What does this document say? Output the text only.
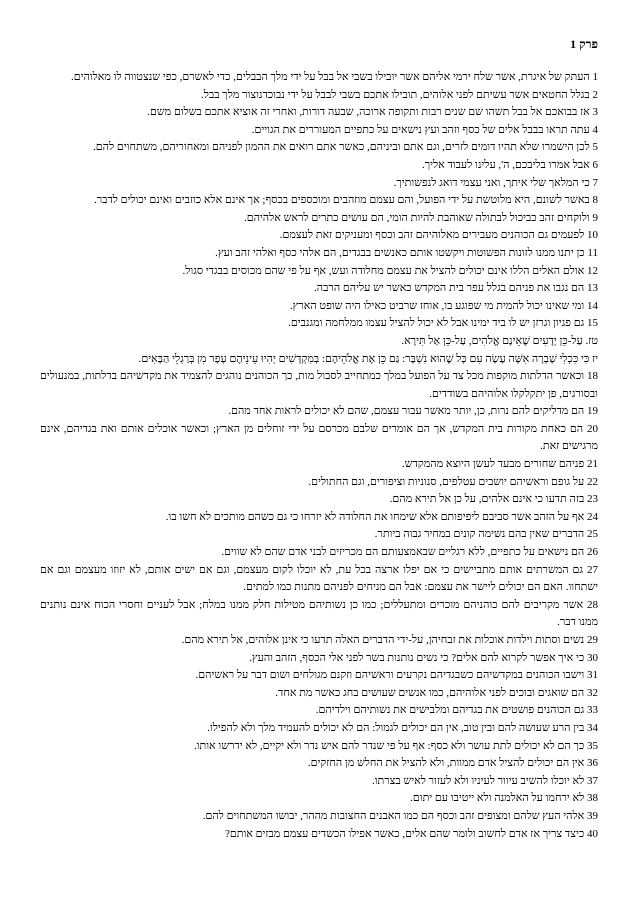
פרק 1

1 העתק של איגרת, אשר שלח ירמי אליהם אשר יובילו בשבי אל בבל על ידי מלך הבבלים, כדי לאשרם, כפי שנצטווה לו מאלוהים.

2 בגלל החטאים אשר עשיתם לפני אלוהים, תובילו אתכם בשבי לבבל על ידי נבוכדנוצור מלך בבל.

3 אז בבואכם אל בבל תשהו שם שנים רבות ותקופה ארוכה, שבעה דורות, ואחרי זה אוציא אתכם בשלום משם.

4 עתה תראו בבבל אלים של כסף וזהב ועץ נישאים על כתפיים המעוררים את הגויים.

5 לכן הישמרו שלא תהיו דומים לזרים, וגם אתם וביניהם, כאשר אתם רואים את ההמון לפניהם ומאחוריהם, משתחוים להם.

6 אבל אמרו בליבכם, ה', עלינו לעבוד אליך.

7 כי המלאך שלי איתך, ואני עצמי דואג לנפשותיך.

8 באשר לשונם, היא מלוטשת על ידי הפועל, והם עצמם מוזהבים ומוכספים בכסף; אך אינם אלא כוזבים ואינם יכולים לדבר.

9 ולוקחים זהב כביכול לבתולה שאוהבת להיות הומי, הם עושים כתרים לראש אלהיהם.

10 לפעמים גם הכוהנים מעבירים מאלוהיהם זהב וכסף ומעניקים זאת לעצמם.

11 כן יתנו ממנו לזונות הפשוטות ויקשטו אותם כאנשים בבגדים, הם אלהי כסף ואלהי זהב ועץ.

12 אולם האלים הללו אינם יכולים להציל את עצמם מחלודה ועש, אף על פי שהם מכוסים בבגדי סגול.

13 הם נגבו את פניהם בגלל עפר בית המקדש כאשר יש עליהם הרבה.

14 ומי שאינו יכול להמית מי שפוגע בו, אוחז שרביט כאילו היה שופט הארץ.

15 גם פגיון וגרזן יש לו ביד ימינו אבל לא יכול להציל עצמו ממלחמה ומגנבים.

טז. עַל-כֵּן יְדָעִים שֶׁאֵינָם אֱלֹהִים, עַל-כֵּן אַל תִּירָא.

יז כִּי כִּכְלִי שָׁבְרָה אִשָּׁה עָשָׂה עִם כָּל שֶׁהוּא נִשְׁבָּר: גַּם כֵּן אֶת אֱלֹהֵיהֶם: בְּמִקְדָּשִׁים יְהִיוּ עֵינֵיהֶם עָפָר מִן בְּרַגְלֵי הַבָּאִים.

18 וכאשר הדלתות מוקפות מכל צד על הפועל במלך כמתחייב לסבול מות, כך הכוהנים נוהגים להצמיד את מקדשיהם בדלתות, במנעולים ובסורגים, פן יתקלקלו אלוהיהם בשודדים.

19 הם מדליקים להם נרות, כן, יותר מאשר עבור עצמם, שהם לא יכולים לראות אחד מהם.

20 הם כאחת מקורות בית המקדש, אך הם אומרים שלבם מכרסם על ידי זוחלים מן הארץ; וכאשר אוכלים אותם ואת בגדיהם, אינם מרגישים זאת.

21 פניהם שחורים מבעד לעשן היוצא מהמקדש.

22 על גופם וראשיהם יושבים עטלפים, סנוניות וציפורים, וגם החתולים.

23 בזה תדעו כי אינם אלהים, על כן אל תירא מהם.

24 אף על הזהב אשר סביבם ליפיפותם אלא שימחו את החלודה לא יזרחו כי גם כשהם מותכים לא חשו בו.

25 הדברים שאין בהם נשימה קונים במחיר גבוה ביותר.

26 הם נישאים על כתפיים, ללא רגליים שבאמצעותם הם מכריזים לבני אדם שהם לא שווים.

27 גם המשרתים אותם מתביישים כי אם יפלו ארצה בכל עת, לא יוכלו לקום מעצמם, וגם אם ישים אותם, לא יזוזו מעצמם וגם אם ישתחוו. האם הם יכולים ליישר את עצמם: אבל הם מניחים לפניהם מתנות כמו למתים.

28 אשר מקריבים להם כוהניהם מוכרים ומתעללים; כמו כן נשותיהם מטילות חלק ממנו במלח; אבל לעניים וחסרי הכוח אינם נותנים ממנו דבר.

29 נשים וסתות וילדות אוכלות את זבחיהן, על-ידי הדברים האלה תדעו כי אינן אלוהים, אל תירא מהם.

30 כי איך אפשר לקרוא להם אלים? כי נשים נותנות בשר לפני אלי הכסף, הזהב והעץ.

31 וישבו הכוהנים במקדשיהם כשבגדיהם נקרעים וראשיהם וזקנם מגולחים ושום דבר על ראשיהם.

32 הם שואגים ובוכים לפני אלוהיהם, כמו אנשים שעושים בחג כאשר מת אחד.

33 גם הכוהנים פושטים את בגדיהם ומלבישים את נשותיהם וילדיהם.

34 בין הרע שעושה להם ובין טוב, אין הם יכולים לגמול: הם לא יכולים להעמיד מלך ולא להפילו.

35 כך הם לא יכולים לתת עושר ולא כסף: אף על פי שנדר להם איש נדר ולא יקיים, לא ידרשו אותו.

36 אין הם יכולים להציל אדם ממוות, ולא להציל את החלש מן החזקים.

37 לא יוכלו להשיב עיוור לעיניו ולא לעזור לאיש בצרתו.

38 לא ירחמו על האלמנה ולא ייטיבו עם יתום.

39 אלהי העץ שלהם ומצופים זהב וכסף הם כמו האבנים החצובות מההר, יבושו המשתחוים להם.

40 כיצד צריך אז אדם לחשוב ולומר שהם אלים, כאשר אפילו הכשדים עצמם מבזים אותם?
